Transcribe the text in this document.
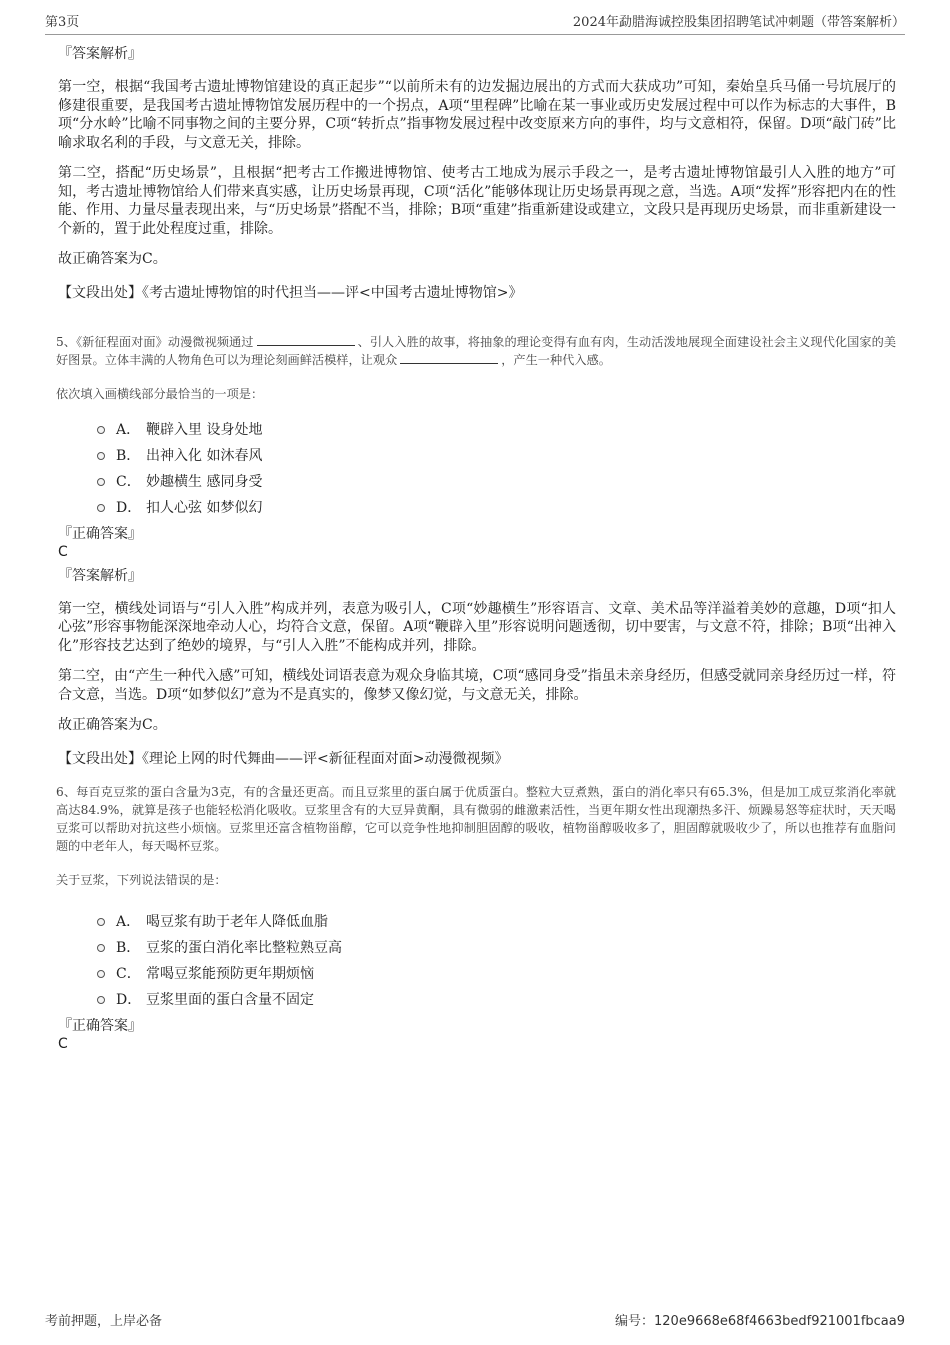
第3页	2024年勐腊海诚控股集团招聘笔试冲刺题（带答案解析）
『答案解析』

第一空，根据“我国考古遗址博物馆建设的真正起步”“以前所未有的边发掘边展出的方式而大获成功”可知，秦始皇兵马俑一号坑展厅的修建很重要，是我国考古遗址博物馆发展历程中的一个拐点，A项“里程碑”比喻在某一事业或历史发展过程中可以作为标志的大事件，B项“分水岭”比喻不同事物之间的主要分界，C项“转折点”指事物发展过程中改变原来方向的事件，均与文意相符，保留。D项“敲门砖”比喻求取名利的手段，与文意无关，排除。

第二空，搭配“历史场景”，且根据“把考古工作搬进博物馆、使考古工地成为展示手段之一，是考古遗址博物馆最引人入胜的地方”可知，考古遗址博物馆给人们带来真实感，让历史场景再现，C项“活化”能够体现让历史场景再现之意，当选。A项“发挥”形容把内在的性能、作用、力量尽量表现出来，与“历史场景”搭配不当，排除；B项“重建”指重新建设或建立，文段只是再现历史场景，而非重新建设一个新的，置于此处程度过重，排除。

故正确答案为C。

【文段出处】《考古遗址博物馆的时代担当——评<中国考古遗址博物馆>》

5、《新征程面对面》动漫微视频通过	、引人入胜的故事，将抽象的理论变得有血有肉，生动活泼地展现全面建设社会主义现代化国家的美好图景。立体丰满的人物角色可以为理论刻画鲜活模样，让观众	，产生一种代入感。

依次填入画横线部分最恰当的一项是：

A． 鞭辟入里 设身处地
B． 出神入化 如沐春风
C． 妙趣横生 感同身受
D． 扣人心弦 如梦似幻
『正确答案』
C
『答案解析』

第一空，横线处词语与“引人入胜”构成并列，表意为吸引人，C项“妙趣横生”形容语言、文章、美术品等洋溢着美妙的意趣，D项“扣人心弦”形容事物能深深地牵动人心，均符合文意，保留。A项“鞭辟入里”形容说明问题透彻，切中要害，与文意不符，排除；B项“出神入化”形容技艺达到了绝妙的境界，与“引人入胜”不能构成并列，排除。

第二空，由“产生一种代入感”可知，横线处词语表意为观众身临其境，C项“感同身受”指虽未亲身经历，但感受就同亲身经历过一样，符合文意，当选。D项“如梦似幻”意为不是真实的，像梦又像幻觉，与文意无关，排除。

故正确答案为C。

【文段出处】《理论上网的时代舞曲——评<新征程面对面>动漫微视频》

6、每百克豆浆的蛋白含量为3克，有的含量还更高。而且豆浆里的蛋白属于优质蛋白。整粒大豆煮熟，蛋白的消化率只有65.3%，但是加工成豆浆消化率就高达84.9%，就算是孩子也能轻松消化吸收。豆浆里含有的大豆异黄酮，具有微弱的雌激素活性，当更年期女性出现潮热多汗、烦躁易怒等症状时，天天喝豆浆可以帮助对抗这些小烦恼。豆浆里还富含植物甾醇，它可以竞争性地抑制胆固醇的吸收，植物甾醇吸收多了，胆固醇就吸收少了，所以也推荐有血脂问题的中老年人，每天喝杯豆浆。

关于豆浆，下列说法错误的是：

A． 喝豆浆有助于老年人降低血脂
B． 豆浆的蛋白消化率比整粒熟豆高
C． 常喝豆浆能预防更年期烦恼
D． 豆浆里面的蛋白含量不固定
『正确答案』
C
考前押题，上岸必备	编号：120e9668e68f4663bedf921001fbcaa9
